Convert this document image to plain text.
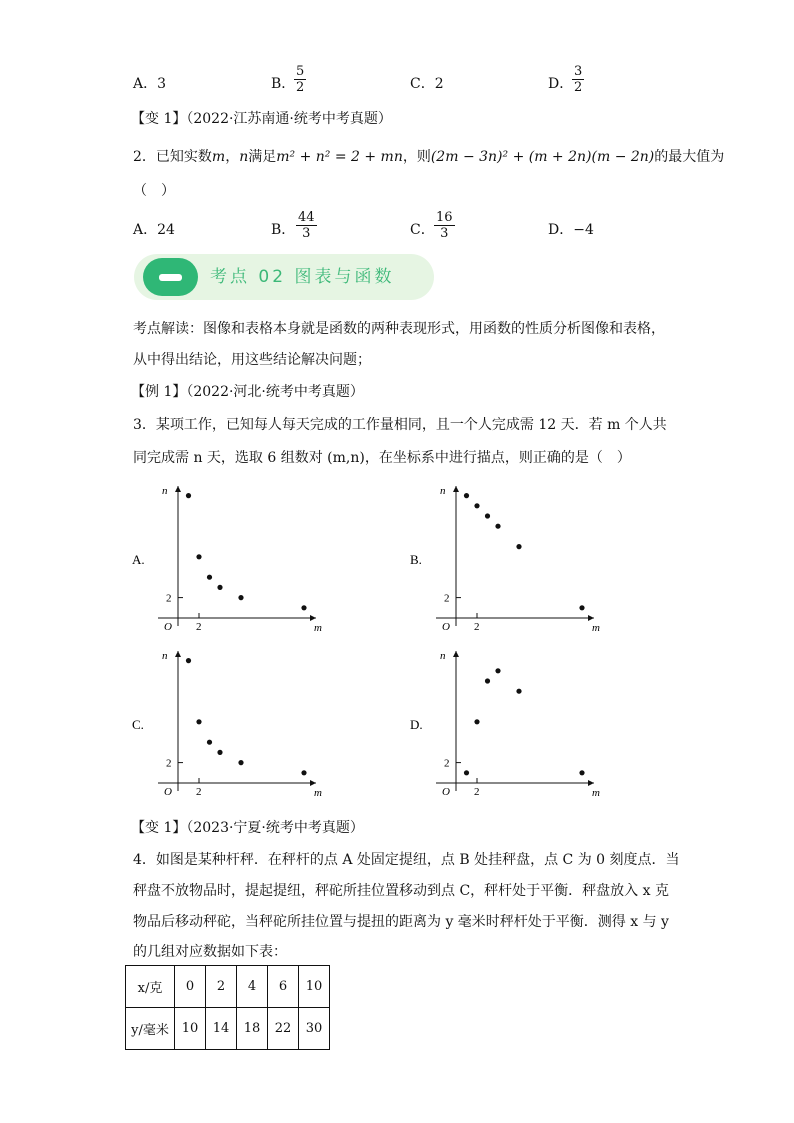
A．3	B．
$\frac{5}{2}$	C．2	D．
$\frac{3}{2}$
【变 1】（2022·江苏南通·统考中考真题）
2．已知实数m，n满足m² + n² = 2 + mn，则(2m − 3n)² + (m + 2n)(m − 2n)的最大值为
（　）
A．24	B． $\frac{44}{3}$	C． $\frac{16}{3}$	D．−4
考点 02 图表与函数
考点解读：图像和表格本身就是函数的两种表现形式，用函数的性质分析图像和表格，
从中得出结论，用这些结论解决问题；
【例 1】（2022·河北·统考中考真题）
3．某项工作，已知每人每天完成的工作量相同，且一个人完成需 12 天．若 m 个人共
同完成需 n 天，选取 6 组数对 (m,n)，在坐标系中进行描点，则正确的是（　）
A.
2
2
O	m
n
B.
2
2
O	m
n
C.
2
2
O	m
n
D.
2
2
O	m
n
【变 1】（2023·宁夏·统考中考真题）
4．如图是某种杆秤．在秤杆的点 A 处固定提纽，点 B 处挂秤盘，点 C 为 0 刻度点．当
秤盘不放物品时，提起提纽，秤砣所挂位置移动到点 C，秤杆处于平衡．秤盘放入 x 克
物品后移动秤砣，当秤砣所挂位置与提扭的距离为 y 毫米时秤杆处于平衡．测得 x 与 y
的几组对应数据如下表：
x/克	0	2	4	6	10
y/毫米	10	14	18	22	30
